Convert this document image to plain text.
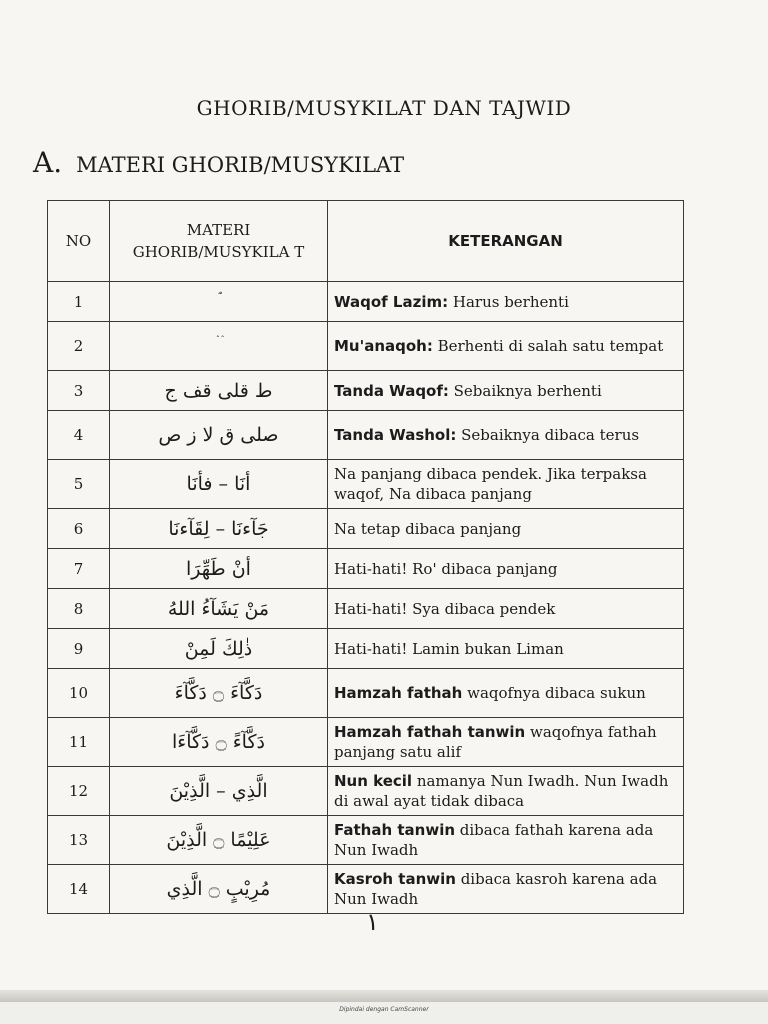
GHORIB/MUSYKILAT DAN TAJWID
A. MATERI GHORIB/MUSYKILAT
NO	MATERI GHORIB/MUSYKILA T	KETERANGAN
1		Waqof Lazim: Harus berhenti
2	ۛ ۛ	Mu'anaqoh: Berhenti di salah satu tempat
3	ط قلى قف ج	Tanda Waqof: Sebaiknya berhenti
4	صلى ق لا ز ص	Tanda Washol: Sebaiknya dibaca terus
5	أنَا – فأنَا	Na panjang dibaca pendek. Jika terpaksa waqof, Na dibaca panjang
6	جَآءنَا – لِقَآءنَا	Na tetap dibaca panjang
7	أنْ طَهِّرَا	Hati-hati! Ro' dibaca panjang
8	مَنْ يَشَآءُ اللهُ	Hati-hati! Sya dibaca pendek
9	ذٰلِكَ لَمِنْ	Hati-hati! Lamin bukan Liman
10	دَكَّآءَ ۝ دَكَّآءَ	Hamzah fathah waqofnya dibaca sukun
11	دَكَّآءً ۝ دَكَّآءَا	Hamzah fathah tanwin waqofnya fathah panjang satu alif
12	الَّذِي – الَّذِيْنَ	Nun kecil namanya Nun Iwadh. Nun Iwadh di awal ayat tidak dibaca
13	عَلِيْمًا ۝ الَّذِيْنَ	Fathah tanwin dibaca fathah karena ada Nun Iwadh
14	مُرِيْبٍ ۝ الَّذِي	Kasroh tanwin dibaca kasroh karena ada Nun Iwadh
١
Dipindai dengan CamScanner
